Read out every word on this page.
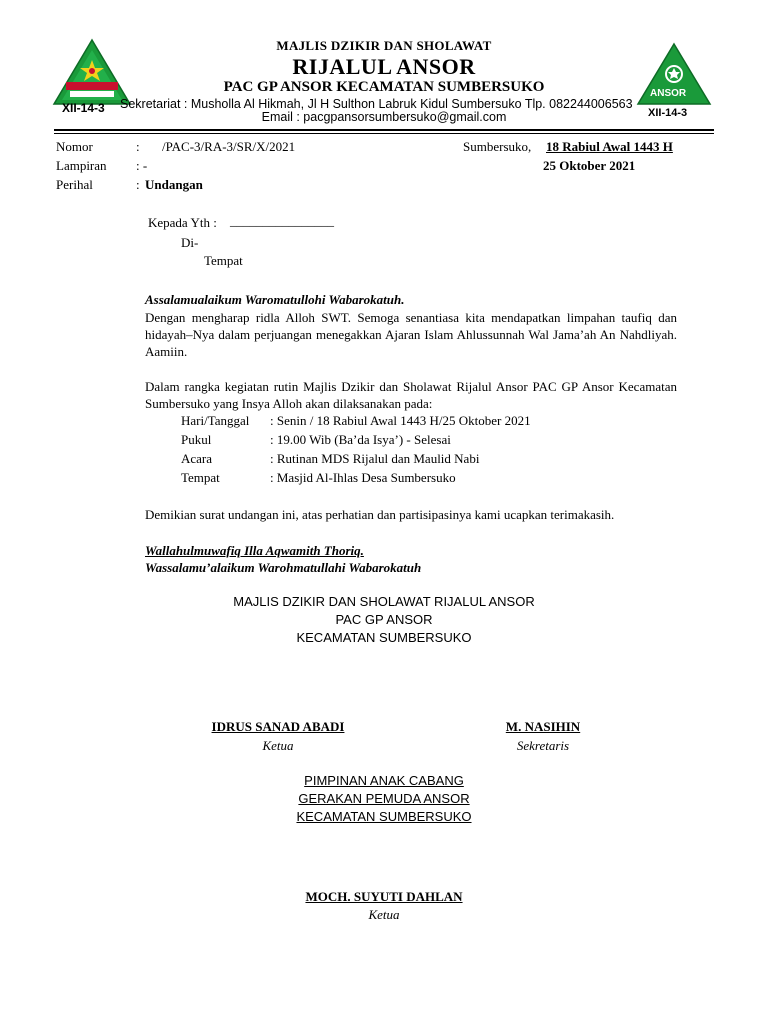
XII-14-3
ANSOR
XII-14-3
MAJLIS DZIKIR DAN SHOLAWAT
RIJALUL ANSOR
PAC GP ANSOR KECAMATAN SUMBERSUKO
Sekretariat : Musholla Al Hikmah, Jl H Sulthon Labruk Kidul Sumbersuko Tlp. 082244006563
Email : pacgpansorsumbersuko@gmail.com
Nomor	: /PAC-3/RA-3/SR/X/2021
Lampiran : -
Perihal	: Undangan
Sumbersuko, 18 Rabiul Awal 1443 H
25 Oktober 2021
Kepada Yth : ________________
Di-
Tempat
Assalamualaikum Waromatullohi Wabarokatuh.
Dengan mengharap ridla Alloh SWT. Semoga senantiasa kita mendapatkan limpahan taufiq dan hidayah–Nya dalam perjuangan menegakkan Ajaran Islam Ahlussunnah Wal Jama’ah An Nahdliyah. Aamiin.
Dalam rangka kegiatan rutin Majlis Dzikir dan Sholawat Rijalul Ansor PAC GP Ansor Kecamatan Sumbersuko yang Insya Alloh akan dilaksanakan pada:
Hari/Tanggal : Senin / 18 Rabiul Awal 1443 H/25 Oktober 2021
Pukul	: 19.00 Wib (Ba’da Isya’) - Selesai
Acara	: Rutinan MDS Rijalul dan Maulid Nabi
Tempat	: Masjid Al-Ihlas Desa Sumbersuko
Demikian surat undangan ini, atas perhatian dan partisipasinya kami ucapkan terimakasih.
Wallahulmuwafiq Illa Aqwamith Thoriq.
Wassalamu’alaikum Warohmatullahi Wabarokatuh
MAJLIS DZIKIR DAN SHOLAWAT RIJALUL ANSOR
PAC GP ANSOR
KECAMATAN SUMBERSUKO
IDRUS SANAD ABADI
Ketua
M. NASIHIN
Sekretaris
PIMPINAN ANAK CABANG
GERAKAN PEMUDA ANSOR
KECAMATAN SUMBERSUKO
MOCH. SUYUTI DAHLAN
Ketua
